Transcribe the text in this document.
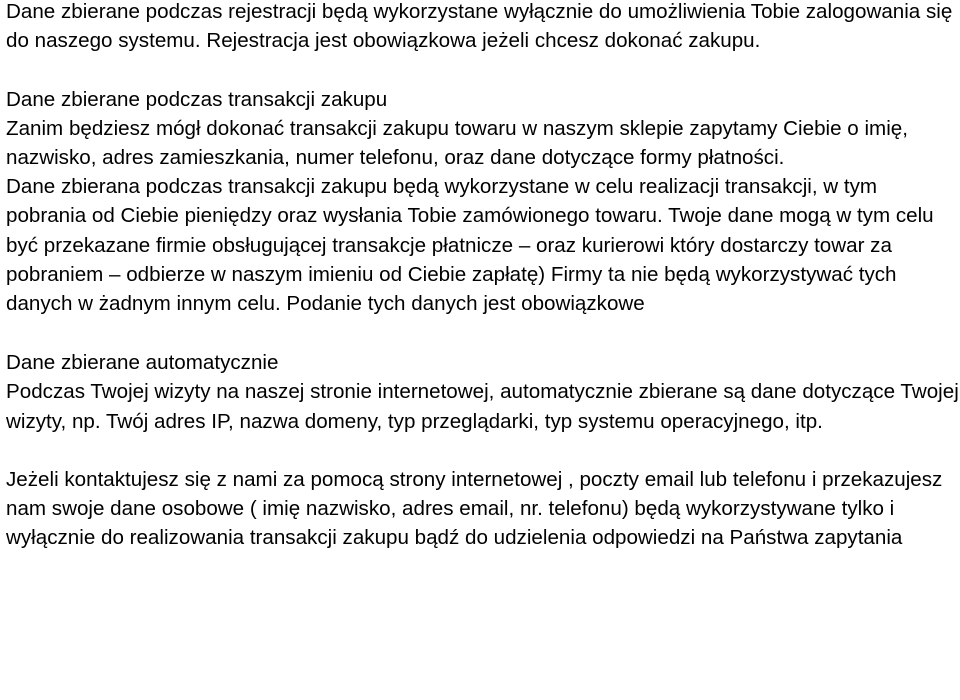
Dane zbierane podczas rejestracji będą wykorzystane wyłącznie do umożliwienia Tobie zalogowania się do naszego systemu. Rejestracja jest obowiązkowa jeżeli chcesz dokonać zakupu.

Dane zbierane podczas transakcji zakupu

Zanim będziesz mógł dokonać transakcji zakupu towaru w naszym sklepie zapytamy Ciebie o imię, nazwisko, adres zamieszkania, numer telefonu, oraz dane dotyczące formy płatności.

Dane zbierana podczas transakcji zakupu będą wykorzystane w celu realizacji transakcji, w tym pobrania od Ciebie pieniędzy oraz wysłania Tobie zamówionego towaru. Twoje dane mogą w tym celu być przekazane firmie obsługującej transakcje płatnicze – oraz kurierowi który dostarczy towar za pobraniem – odbierze w naszym imieniu od Ciebie zapłatę) Firmy ta nie będą wykorzystywać tych danych w żadnym innym celu. Podanie tych danych jest obowiązkowe

Dane zbierane automatycznie

Podczas Twojej wizyty na naszej stronie internetowej, automatycznie zbierane są dane dotyczące Twojej wizyty, np. Twój adres IP, nazwa domeny, typ przeglądarki, typ systemu operacyjnego, itp.

Jeżeli kontaktujesz się z nami za pomocą strony internetowej , poczty email lub telefonu i przekazujesz nam swoje dane osobowe ( imię nazwisko, adres email, nr. telefonu) będą wykorzystywane tylko i wyłącznie do realizowania transakcji zakupu bądź do udzielenia odpowiedzi na Państwa zapytania
